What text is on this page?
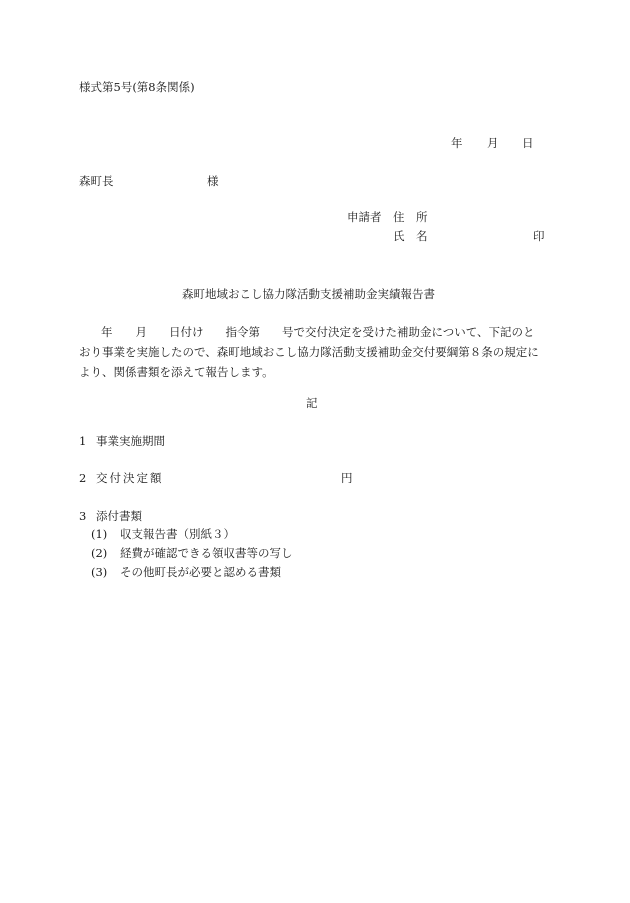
様式第5号(第8条関係)
年 月 日
森町長	様
申請者 住　所
氏　名	印
森町地域おこし協力隊活動支援補助金実績報告書
年 月 日付け 指令第 号で交付決定を受けた補助金について、下記のと
おり事業を実施したので、森町地域おこし協力隊活動支援補助金交付要綱第８条の規定に
より、関係書類を添えて報告します。
記
1 事業実施期間
2 交付決定額	円
3 添付書類
(1) 収支報告書（別紙３）
(2) 経費が確認できる領収書等の写し
(3) その他町長が必要と認める書類
